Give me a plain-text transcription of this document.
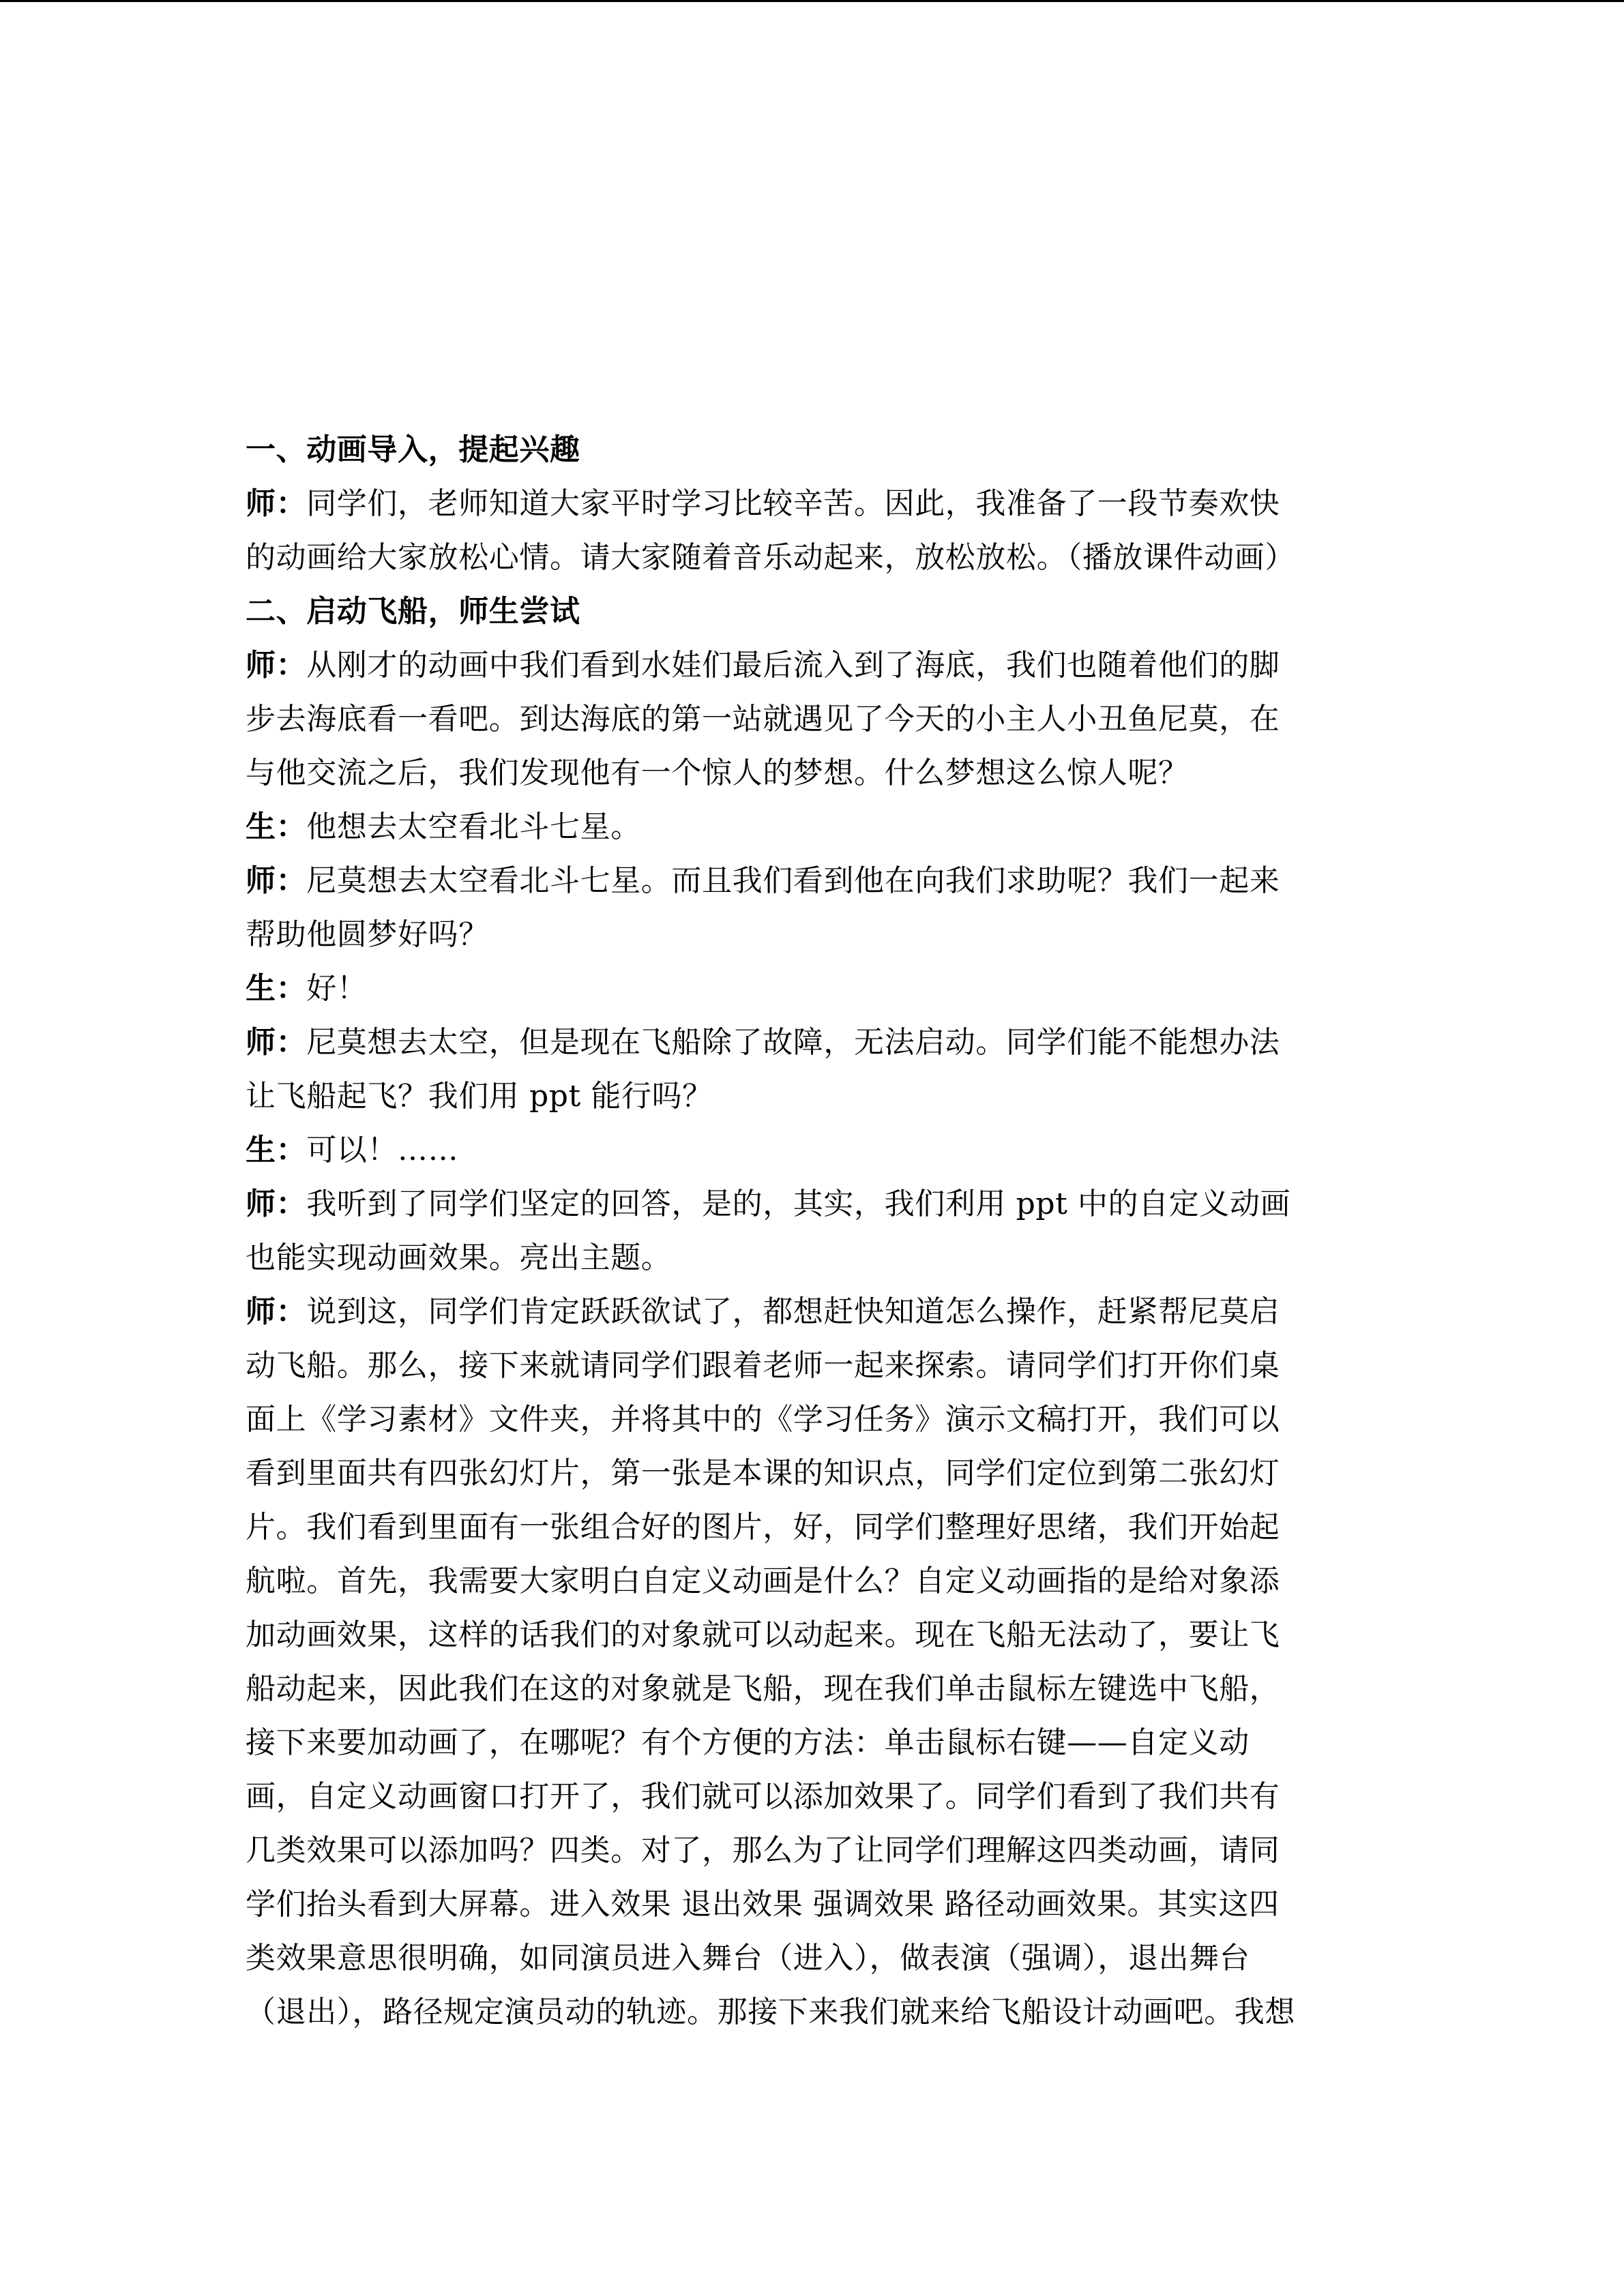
一、动画导入，提起兴趣
师：同学们，老师知道大家平时学习比较辛苦。因此，我准备了一段节奏欢快
的动画给大家放松心情。请大家随着音乐动起来，放松放松。（播放课件动画）
二、启动飞船，师生尝试
师：从刚才的动画中我们看到水娃们最后流入到了海底，我们也随着他们的脚
步去海底看一看吧。到达海底的第一站就遇见了今天的小主人小丑鱼尼莫，在
与他交流之后，我们发现他有一个惊人的梦想。什么梦想这么惊人呢？
生：他想去太空看北斗七星。
师：尼莫想去太空看北斗七星。而且我们看到他在向我们求助呢？我们一起来
帮助他圆梦好吗？
生：好！
师：尼莫想去太空，但是现在飞船除了故障，无法启动。同学们能不能想办法
让飞船起飞？我们用 ppt 能行吗？
生：可以！……
师：我听到了同学们坚定的回答，是的，其实，我们利用 ppt 中的自定义动画
也能实现动画效果。亮出主题。
师：说到这，同学们肯定跃跃欲试了，都想赶快知道怎么操作，赶紧帮尼莫启
动飞船。那么，接下来就请同学们跟着老师一起来探索。请同学们打开你们桌
面上《学习素材》文件夹，并将其中的《学习任务》演示文稿打开，我们可以
看到里面共有四张幻灯片，第一张是本课的知识点，同学们定位到第二张幻灯
片。我们看到里面有一张组合好的图片，好，同学们整理好思绪，我们开始起
航啦。首先，我需要大家明白自定义动画是什么？自定义动画指的是给对象添
加动画效果，这样的话我们的对象就可以动起来。现在飞船无法动了，要让飞
船动起来，因此我们在这的对象就是飞船，现在我们单击鼠标左键选中飞船，
接下来要加动画了，在哪呢？有个方便的方法：单击鼠标右键——自定义动
画，自定义动画窗口打开了，我们就可以添加效果了。同学们看到了我们共有
几类效果可以添加吗？四类。对了，那么为了让同学们理解这四类动画，请同
学们抬头看到大屏幕。进入效果 退出效果 强调效果 路径动画效果。其实这四
类效果意思很明确，如同演员进入舞台（进入），做表演（强调），退出舞台
（退出），路径规定演员动的轨迹。那接下来我们就来给飞船设计动画吧。我想
